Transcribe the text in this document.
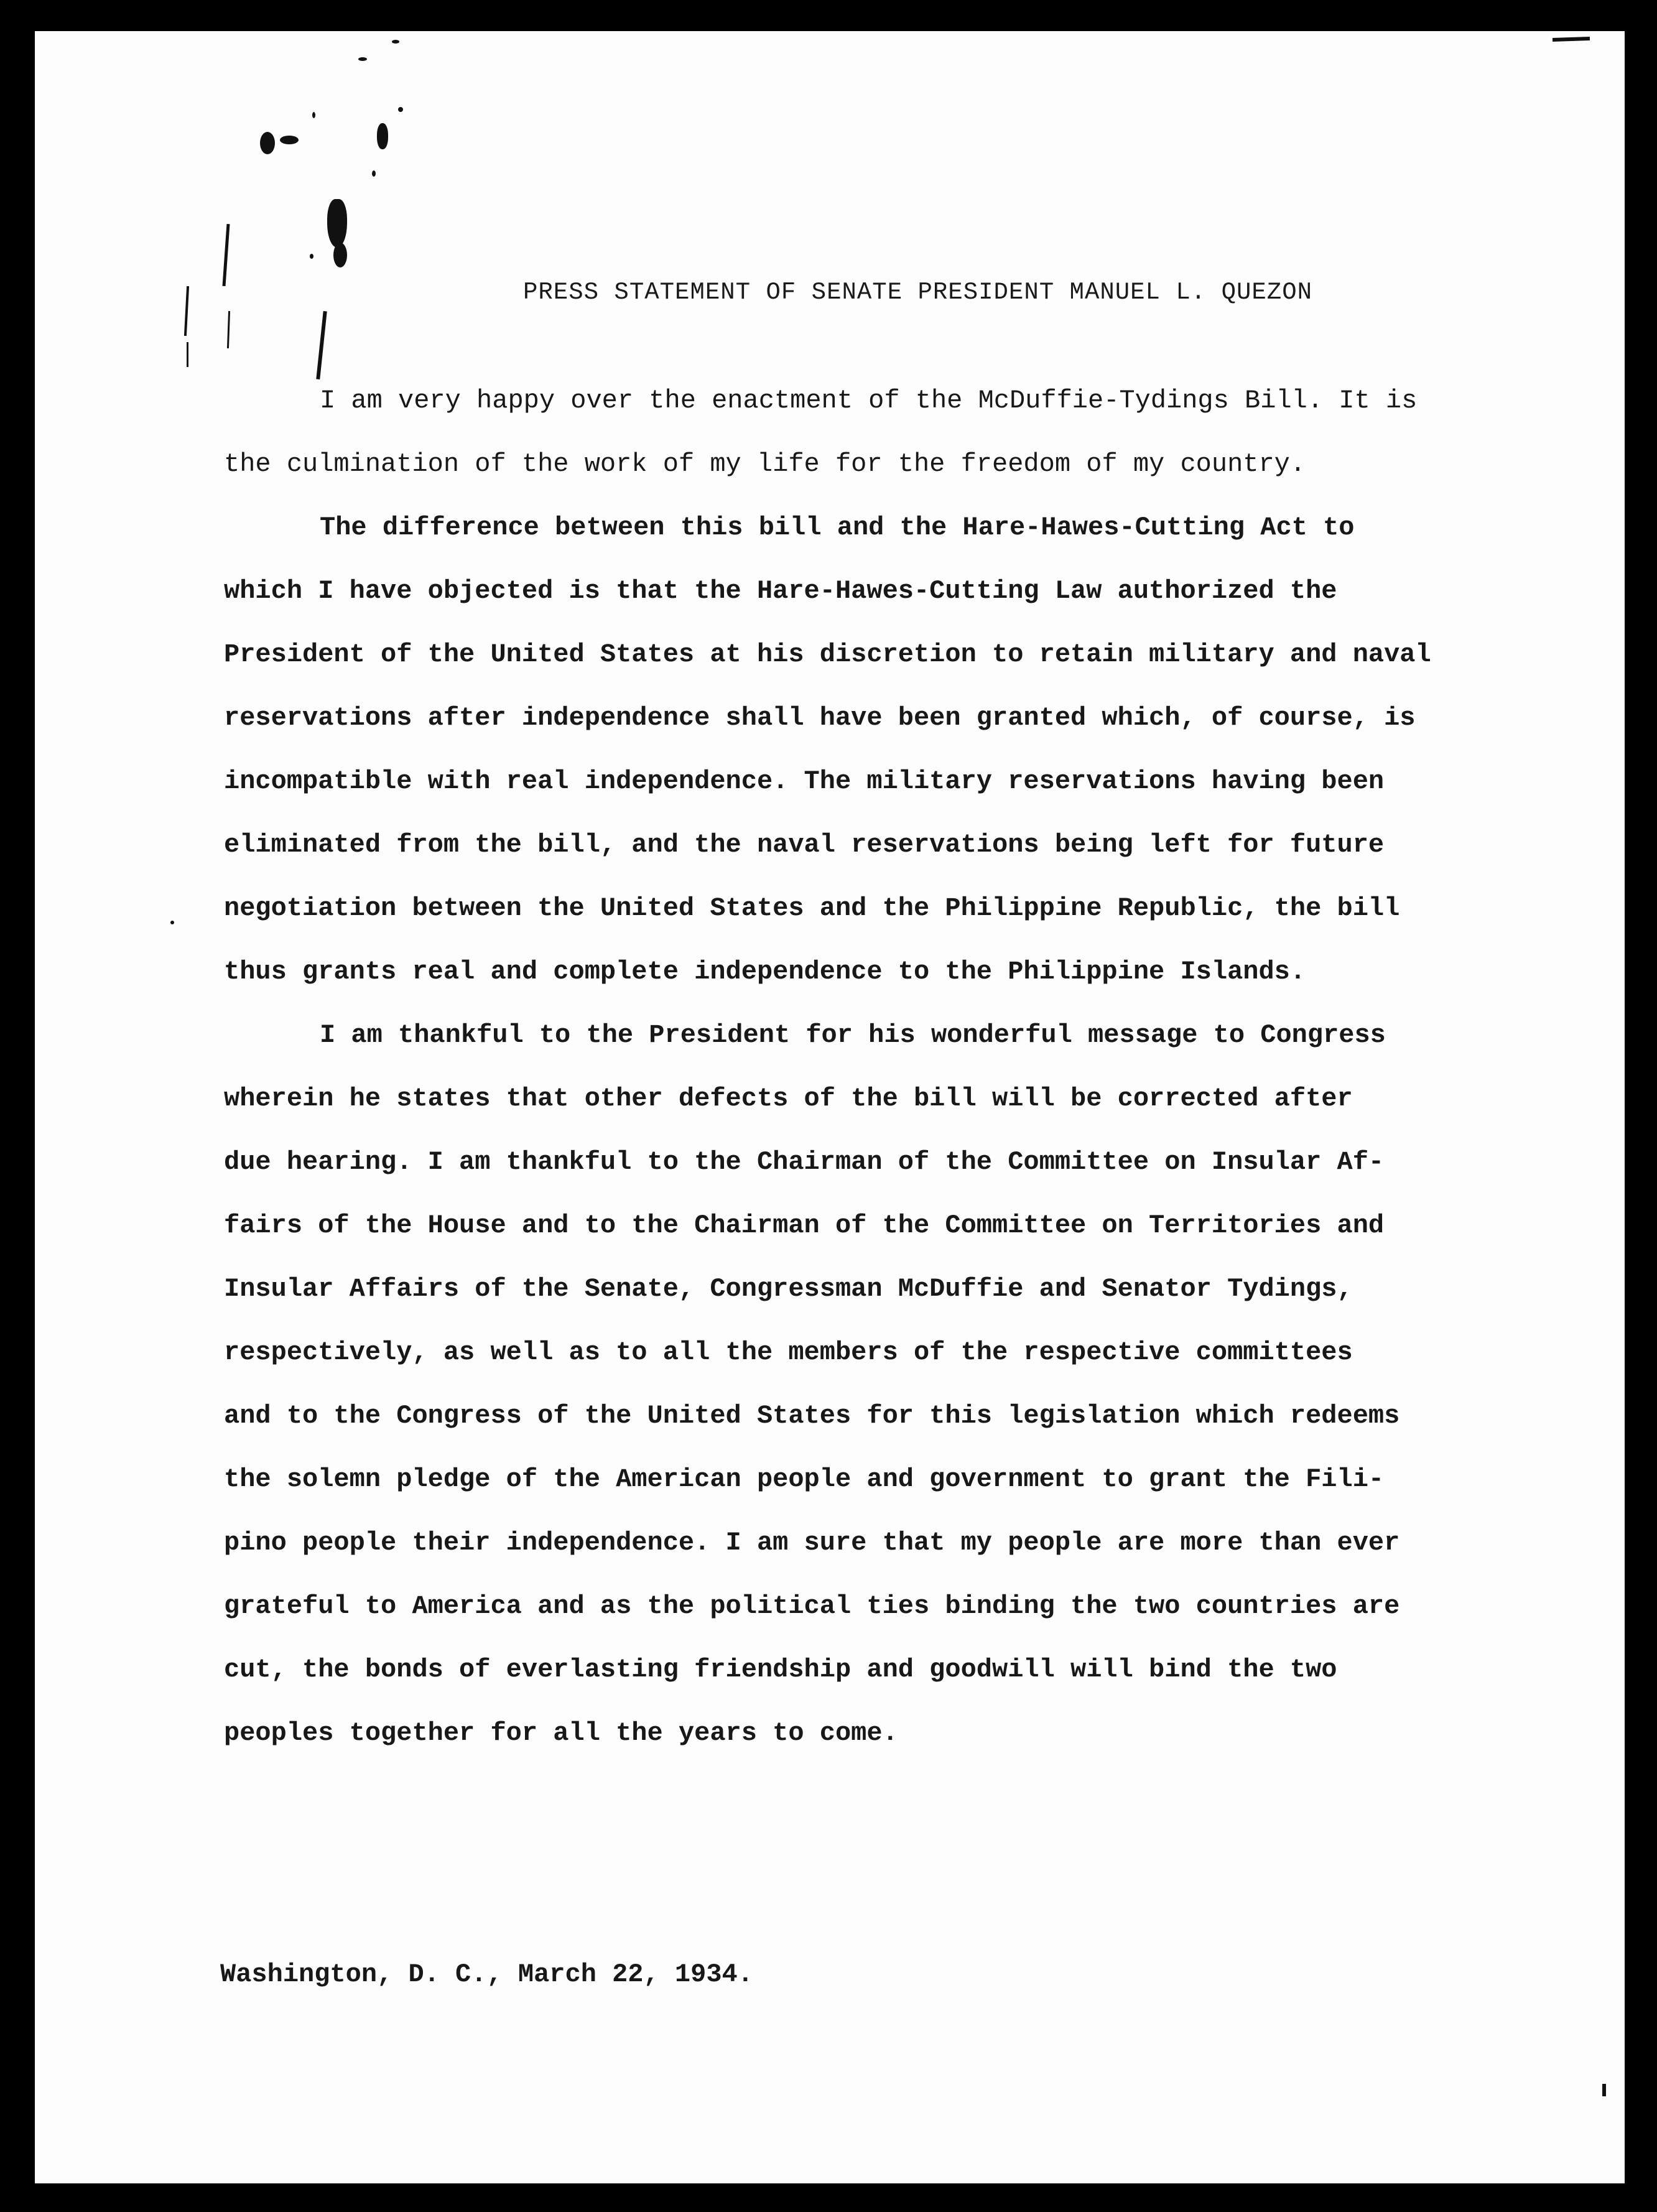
PRESS STATEMENT OF SENATE PRESIDENT MANUEL L. QUEZON
I am very happy over the enactment of the McDuffie-Tydings Bill. It is
the culmination of the work of my life for the freedom of my country.
The difference between this bill and the Hare-Hawes-Cutting Act to
which I have objected is that the Hare-Hawes-Cutting Law authorized the
President of the United States at his discretion to retain military and naval
reservations after independence shall have been granted which, of course, is
incompatible with real independence. The military reservations having been
eliminated from the bill, and the naval reservations being left for future
negotiation between the United States and the Philippine Republic, the bill
thus grants real and complete independence to the Philippine Islands.
I am thankful to the President for his wonderful message to Congress
wherein he states that other defects of the bill will be corrected after
due hearing. I am thankful to the Chairman of the Committee on Insular Af-
fairs of the House and to the Chairman of the Committee on Territories and
Insular Affairs of the Senate, Congressman McDuffie and Senator Tydings,
respectively, as well as to all the members of the respective committees
and to the Congress of the United States for this legislation which redeems
the solemn pledge of the American people and government to grant the Fili-
pino people their independence. I am sure that my people are more than ever
grateful to America and as the political ties binding the two countries are
cut, the bonds of everlasting friendship and goodwill will bind the two
peoples together for all the years to come.
Washington, D. C., March 22, 1934.
